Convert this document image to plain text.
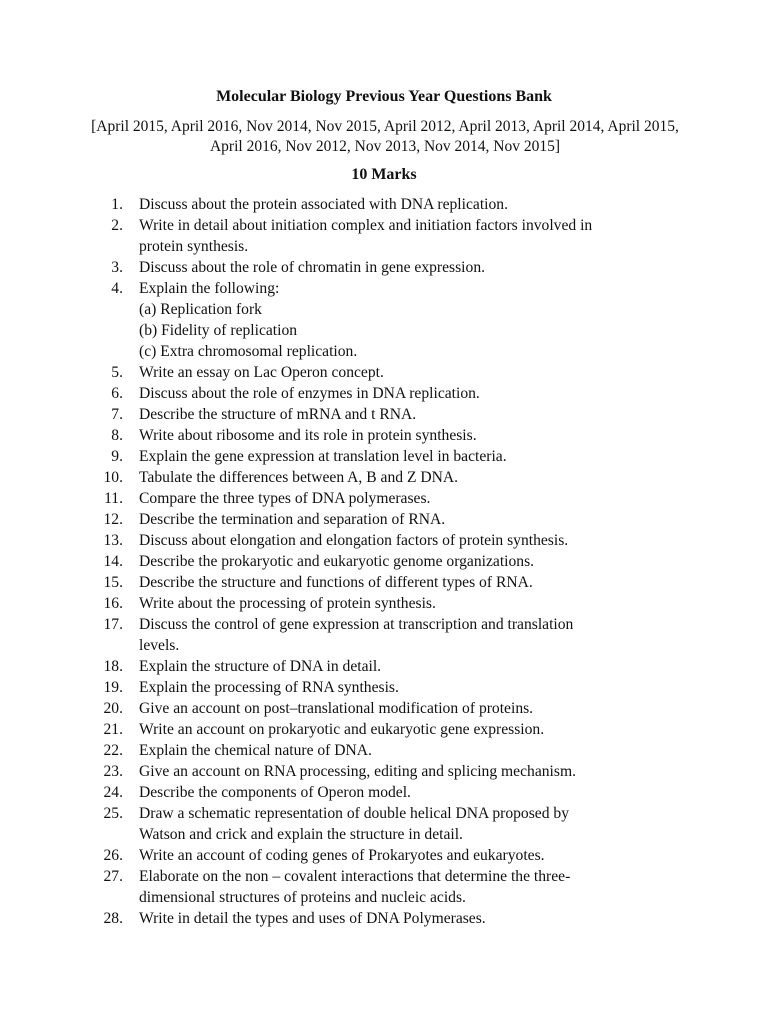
Molecular Biology Previous Year Questions Bank
[April 2015, April 2016, Nov 2014, Nov 2015, April 2012, April 2013, April 2014, April 2015, April 2016, Nov 2012, Nov 2013, Nov 2014, Nov 2015]
10 Marks
1. Discuss about the protein associated with DNA replication.
2. Write in detail about initiation complex and initiation factors involved in
protein synthesis.
3. Discuss about the role of chromatin in gene expression.
4. Explain the following:
(a) Replication fork
(b) Fidelity of replication
(c) Extra chromosomal replication.
5. Write an essay on Lac Operon concept.
6. Discuss about the role of enzymes in DNA replication.
7. Describe the structure of mRNA and t RNA.
8. Write about ribosome and its role in protein synthesis.
9. Explain the gene expression at translation level in bacteria.
10. Tabulate the differences between A, B and Z DNA.
11. Compare the three types of DNA polymerases.
12. Describe the termination and separation of RNA.
13. Discuss about elongation and elongation factors of protein synthesis.
14. Describe the prokaryotic and eukaryotic genome organizations.
15. Describe the structure and functions of different types of RNA.
16. Write about the processing of protein synthesis.
17. Discuss the control of gene expression at transcription and translation
levels.
18. Explain the structure of DNA in detail.
19. Explain the processing of RNA synthesis.
20. Give an account on post–translational modification of proteins.
21. Write an account on prokaryotic and eukaryotic gene expression.
22. Explain the chemical nature of DNA.
23. Give an account on RNA processing, editing and splicing mechanism.
24. Describe the components of Operon model.
25. Draw a schematic representation of double helical DNA proposed by
Watson and crick and explain the structure in detail.
26. Write an account of coding genes of Prokaryotes and eukaryotes.
27. Elaborate on the non – covalent interactions that determine the three-
dimensional structures of proteins and nucleic acids.
28. Write in detail the types and uses of DNA Polymerases.
